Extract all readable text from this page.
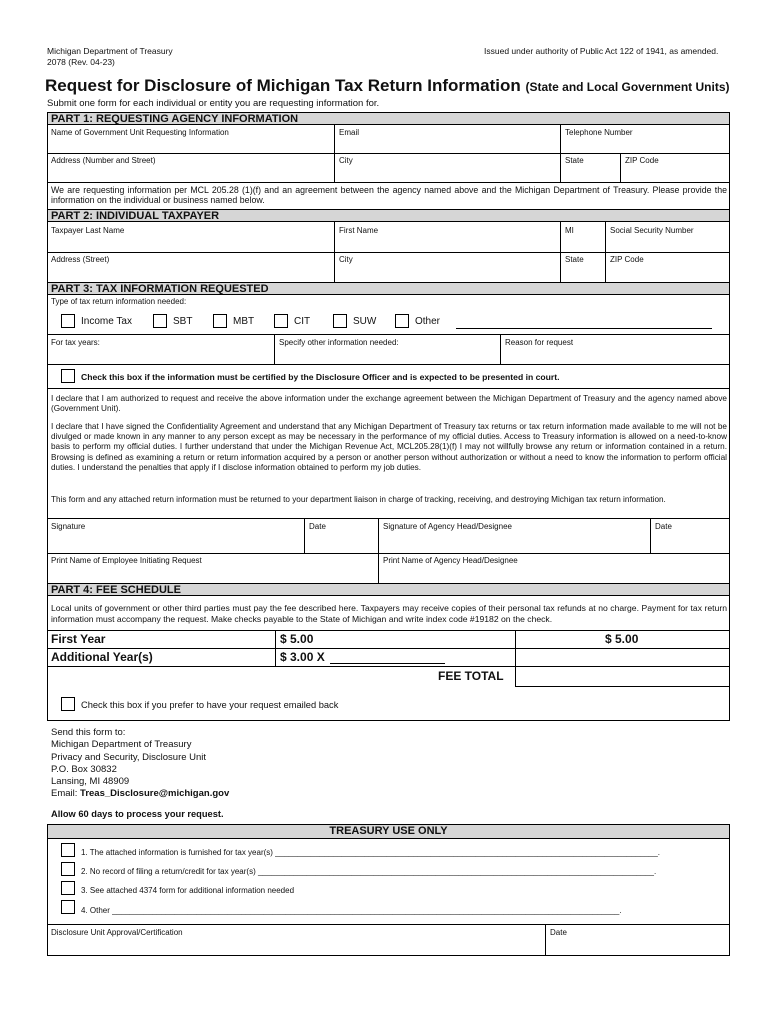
Michigan Department of Treasury
2078 (Rev. 04-23)
Issued under authority of Public Act 122 of 1941, as amended.
Request for Disclosure of Michigan Tax Return Information (State and Local Government Units)
Submit one form for each individual or entity you are requesting information for.
PART 1: REQUESTING AGENCY INFORMATION
Name of Government Unit Requesting Information	Email	Telephone Number
Address (Number and Street)	City	State	ZIP Code
We are requesting information per MCL 205.28 (1)(f) and an agreement between the agency named above and the Michigan Department of Treasury. Please provide the information on the individual or business named below.
PART 2: INDIVIDUAL TAXPAYER
Taxpayer Last Name	First Name	MI	Social Security Number
Address (Street)	City	State	ZIP Code
PART 3: TAX INFORMATION REQUESTED
Type of tax return information needed:
Income Tax	SBT	MBT	CIT	SUW	Other
For tax years:	Specify other information needed:	Reason for request
Check this box if the information must be certified by the Disclosure Officer and is expected to be presented in court.
I declare that I am authorized to request and receive the above information under the exchange agreement between the Michigan Department of Treasury and the agency named above (Government Unit).
I declare that I have signed the Confidentiality Agreement and understand that any Michigan Department of Treasury tax returns or tax return information made available to me will not be divulged or made known in any manner to any person except as may be necessary in the performance of my official duties. Access to Treasury information is allowed on a need-to-know basis to perform my official duties. I further understand that under the Michigan Revenue Act, MCL205.28(1)(f) I may not willfully browse any return or information contained in a return. Browsing is defined as examining a return or return information acquired by a person or another person without authorization or without a need to know the information to perform official duties. I understand the penalties that apply if I disclose information obtained to perform my job duties.
This form and any attached return information must be returned to your department liaison in charge of tracking, receiving, and destroying Michigan tax return information.
Signature	Date	Signature of Agency Head/Designee	Date
Print Name of Employee Initiating Request	Print Name of Agency Head/Designee
PART 4: FEE SCHEDULE
Local units of government or other third parties must pay the fee described here. Taxpayers may receive copies of their personal tax refunds at no charge. Payment for tax return information must accompany the request. Make checks payable to the State of Michigan and write index code #19182 on the check.
First Year	$ 5.00	$ 5.00
Additional Year(s)	$ 3.00 X
FEE TOTAL
Check this box if you prefer to have your request emailed back
Send this form to:
Michigan Department of Treasury
Privacy and Security, Disclosure Unit
P.O. Box 30832
Lansing, MI 48909
Email: Treas_Disclosure@michigan.gov
Allow 60 days to process your request.
TREASURY USE ONLY
1. The attached information is furnished for tax year(s) ______________________________________________________________________________________.
2. No record of filing a return/credit for tax year(s) _________________________________________________________________________________________.
3. See attached 4374 form for additional information needed
4. Other __________________________________________________________________________________________________________________.
Disclosure Unit Approval/Certification	Date
